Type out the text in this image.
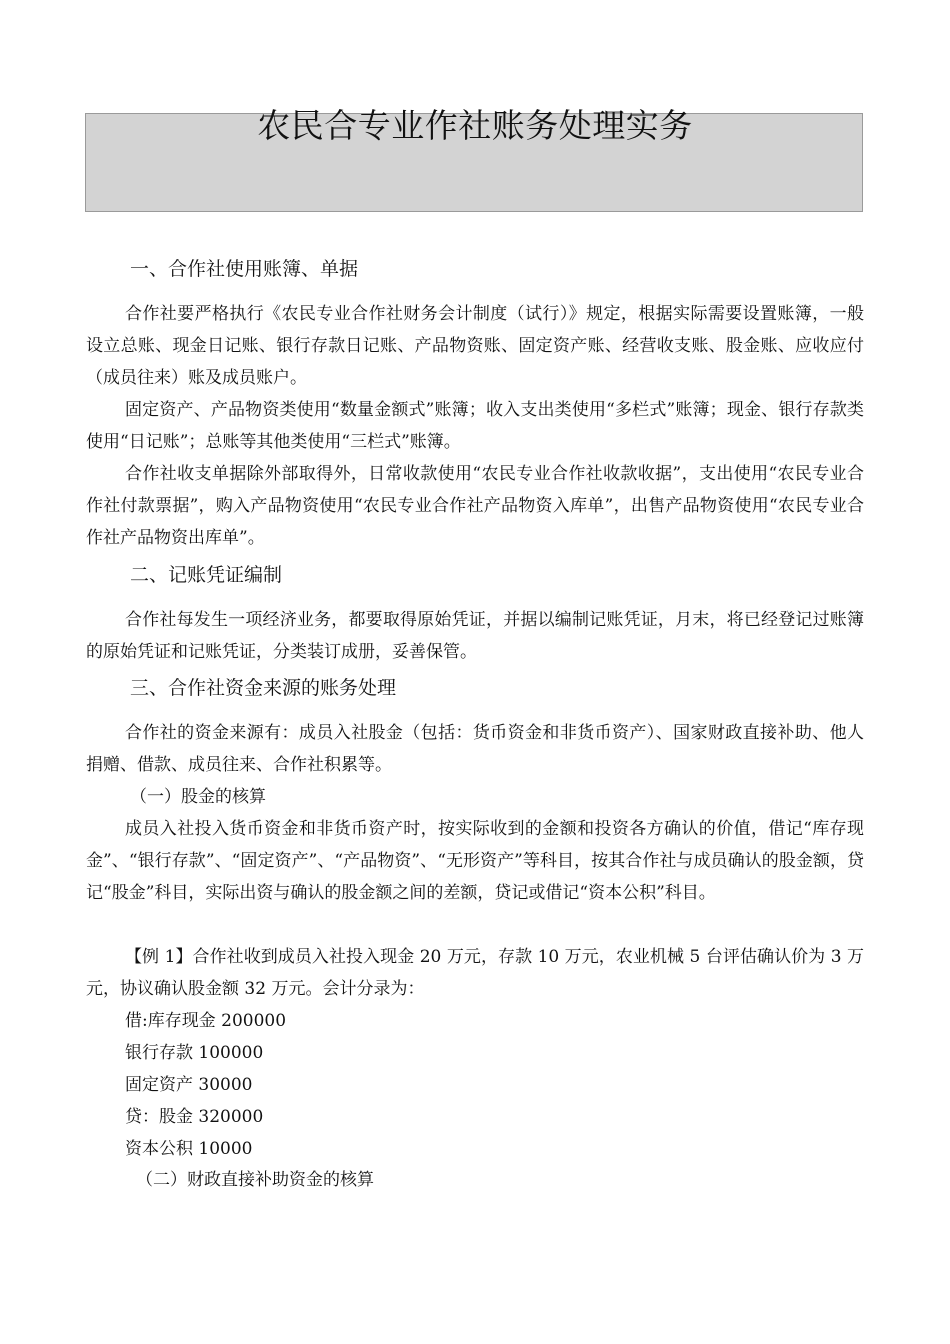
农民合专业作社账务处理实务
一、合作社使用账簿、单据
合作社要严格执行《农民专业合作社财务会计制度（试行）》规定，根据实际需要设置账簿，一般设立总账、现金日记账、银行存款日记账、产品物资账、固定资产账、经营收支账、股金账、应收应付（成员往来）账及成员账户。
固定资产、产品物资类使用“数量金额式”账簿；收入支出类使用“多栏式”账簿；现金、银行存款类使用“日记账”；总账等其他类使用“三栏式”账簿。
合作社收支单据除外部取得外，日常收款使用“农民专业合作社收款收据”，支出使用“农民专业合作社付款票据”，购入产品物资使用“农民专业合作社产品物资入库单”，出售产品物资使用“农民专业合作社产品物资出库单”。
二、记账凭证编制
合作社每发生一项经济业务，都要取得原始凭证，并据以编制记账凭证，月末，将已经登记过账簿的原始凭证和记账凭证，分类装订成册，妥善保管。
三、合作社资金来源的账务处理
合作社的资金来源有：成员入社股金（包括：货币资金和非货币资产）、国家财政直接补助、他人捐赠、借款、成员往来、合作社积累等。
（一）股金的核算
成员入社投入货币资金和非货币资产时，按实际收到的金额和投资各方确认的价值，借记“库存现金”、“银行存款”、“固定资产”、“产品物资”、“无形资产”等科目，按其合作社与成员确认的股金额，贷记“股金”科目，实际出资与确认的股金额之间的差额，贷记或借记“资本公积”科目。
【例 1】合作社收到成员入社投入现金 20 万元，存款 10 万元，农业机械 5 台评估确认价为 3 万元，协议确认股金额 32 万元。会计分录为：
借:库存现金 200000
银行存款 100000
固定资产 30000
贷：股金 320000
资本公积 10000
（二）财政直接补助资金的核算
